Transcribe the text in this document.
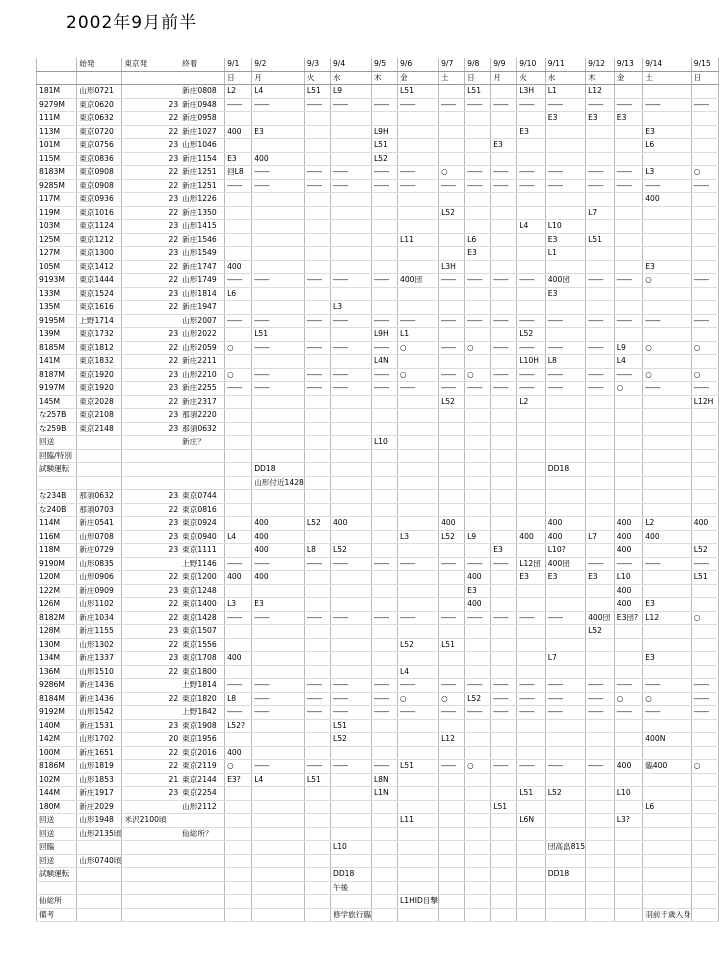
2002年9月前半
	始発	東京発		終着	9/1	9/2	9/3	9/4	9/5	9/6	9/7	9/8	9/9	9/10	9/11	9/12	9/13	9/14	9/15
					日	月	火	水	木	金	土	日	月	火	水	木	金	土	日
181M	山形0721			新庄0808	L2	L4	L51	L9		L51		L51		L3H	L1	L12			
9279M	東京0620		23	新庄0948	――	――	――	――	――	――	――	――	――	――	――	――	――	――	――
111M	東京0632		22	新庄0958											E3	E3	E3		
113M	東京0720		22	新庄1027	400	E3			L9H					E3				E3	
101M	東京0756		23	山形1046					L51				E3					L6	
115M	東京0836		23	新庄1154	E3	400			L52										
8183M	東京0908		22	新庄1251	回L8	――	――	――	――	――	○	――	――	――	――	――	――	L3	○
9285M	東京0908		22	新庄1251	――	――	――	――	――	――	――	――	――	――	――	――	――	――	――
117M	東京0936		23	山形1226														400	
119M	東京1016		22	新庄1350							L52					L7			
103M	東京1124		23	山形1415										L4	L10				
125M	東京1212		22	新庄1546						L11		L6			E3	L51			
127M	東京1300		23	山形1549								E3			L1				
105M	東京1412		22	新庄1747	400						L3H							E3	
9193M	東京1444		22	山形1749	――	――	――	――	――	400団	――	――	――	――	400団	――	――	○	――
133M	東京1524		23	山形1814	L6										E3				
135M	東京1616		22	新庄1947				L3											
9195M	上野1714			山形2007	――	――	――	――	――	――	――	――	――	――	――	――	――	――	――
139M	東京1732		23	山形2022		L51			L9H	L1				L52					
8185M	東京1812		22	山形2059	○	――	――	――	――	○	――	○	――	――	――	――	L9	○	○
141M	東京1832		22	新庄2211					L4N					L10H	L8		L4		
8187M	東京1920		23	山形2210	○	――	――	――	――	○	――	○	――	――	――	――	――	○	○
9197M	東京1920		23	新庄2255	――	――	――	――	――	――	――	――	――	――	――	――	○	――	――
145M	東京2028		22	新庄2317							L52			L2					L12H
な257B	東京2108		23	那須2220															
な259B	東京2148		23	那須0632															
回送				新庄？					L10										
回臨/特別																			
試験運転						DD18									DD18				
						山形付近1428													
な234B	那須0632		23	東京0744															
な240B	那須0703		22	東京0816															
114M	新庄0541		23	東京0924		400	L52	400			400				400		400	L2	400
116M	山形0708		23	東京0940	L4	400				L3	L52	L9		400	400	L7	400	400	
118M	新庄0729		23	東京1111		400	L8	L52					E3		L10?		400		L52
9190M	山形0835			上野1146	――	――	――	――	――	――	――	――	――	L12団	400団	――	――	――	――
120M	山形0906		22	東京1200	400	400						400		E3	E3	E3	L10		L51
122M	新庄0909		23	東京1248								E3					400		
126M	山形1102		22	東京1400	L3	E3						400					400	E3	
8182M	新庄1034		22	東京1428	――	――	――	――	――	――	――	――	――	――	――	400団	E3団?	L12	○
128M	新庄1155		23	東京1507												L52			
130M	山形1302		22	東京1556						L52	L51								
134M	新庄1337		23	東京1708	400										L7			E3	
136M	山形1510		22	東京1800						L4									
9286M	新庄1436			上野1814	――	――	――	――	――	――	――	――	――	――	――	――	――	――	――
8184M	新庄1436		22	東京1820	L8	――	――	――	――	○	○	L52	――	――	――	――	○	○	――
9192M	山形1542			上野1842	――	――	――	――	――	――	――	――	――	――	――	――	――	――	――
140M	新庄1531		23	東京1908	L52?			L51											
142M	山形1702		20	東京1956				L52			L12							400N	
100M	新庄1651		22	東京2016	400														
8186M	山形1819		22	東京2119	○	――	――	――	――	L51	――	○	――	――	――	――	400	臨400	○
102M	山形1853		21	東京2144	E3?	L4	L51		L8N										
144M	新庄1917		23	東京2254					L1N					L51	L52		L10		
180M	新庄2029			山形2112									L51					L6	
回送	山形1948	米沢2100頃								L11				L6N			L3?		
回送	山形2135頃			仙総所？															
回臨								L10							団高畠815				
回送	山形0740頃																		
試験運転								DD18							DD18				
								午後											
仙総所										L1HID目撃									
備考								修学旅行臨										羽前千歳入身	
